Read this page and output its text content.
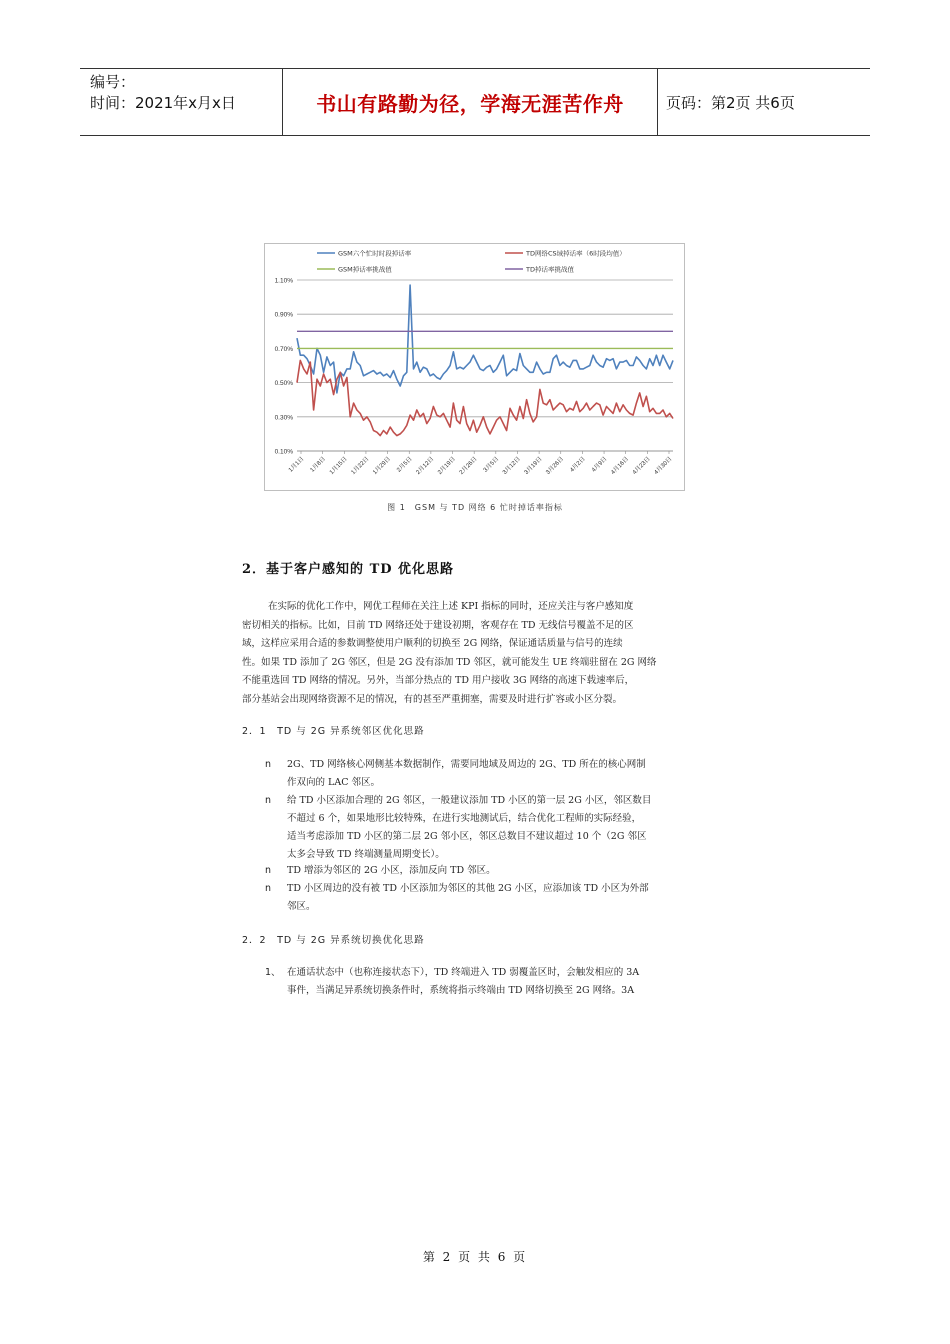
编号：
时间：2021年x月x日	书山有路勤为径，学海无涯苦作舟	页码：第2页 共6页
1.10%
0.90%
0.70%
0.50%
0.30%
0.10%
1月1日 1月8日 1月15日 1月22日 1月29日 2月5日 2月12日 2月19日 2月26日 3月5日 3月12日 3月19日 3月26日 4月2日 4月9日 4月16日 4月23日 4月30日
GSM六个忙时时段掉话率	TD网络CS域掉话率（6时段均值）
GSM掉话率挑战值	TD掉话率挑战值
图 1　GSM 与 TD 网络 6 忙时掉话率指标
2．基于客户感知的 TD 优化思路
在实际的优化工作中，网优工程师在关注上述 KPI 指标的同时，还应关注与客户感知度
密切相关的指标。比如，目前 TD 网络还处于建设初期，客观存在 TD 无线信号覆盖不足的区
域，这样应采用合适的参数调整使用户顺利的切换至 2G 网络，保证通话质量与信号的连续
性。如果 TD 添加了 2G 邻区，但是 2G 没有添加 TD 邻区，就可能发生 UE 终端驻留在 2G 网络
不能重选回 TD 网络的情况。另外，当部分热点的 TD 用户接收 3G 网络的高速下载速率后，
部分基站会出现网络资源不足的情况，有的甚至严重拥塞，需要及时进行扩容或小区分裂。
2．1　TD 与 2G 异系统邻区优化思路
n 2G、TD 网络核心网侧基本数据制作，需要同地域及周边的 2G、TD 所在的核心网制
作双向的 LAC 邻区。
n 给 TD 小区添加合理的 2G 邻区，一般建议添加 TD 小区的第一层 2G 小区，邻区数目
不超过 6 个，如果地形比较特殊，在进行实地测试后，结合优化工程师的实际经验，
适当考虑添加 TD 小区的第二层 2G 邻小区，邻区总数目不建议超过 10 个（2G 邻区
太多会导致 TD 终端测量周期变长）。
n TD 增添为邻区的 2G 小区，添加反向 TD 邻区。
n TD 小区周边的没有被 TD 小区添加为邻区的其他 2G 小区，应添加该 TD 小区为外部
邻区。
2．2　TD 与 2G 异系统切换优化思路
1、 在通话状态中（也称连接状态下），TD 终端进入 TD 弱覆盖区时，会触发相应的 3A
事件，当满足异系统切换条件时，系统将指示终端由 TD 网络切换至 2G 网络。3A
第 2 页 共 6 页
